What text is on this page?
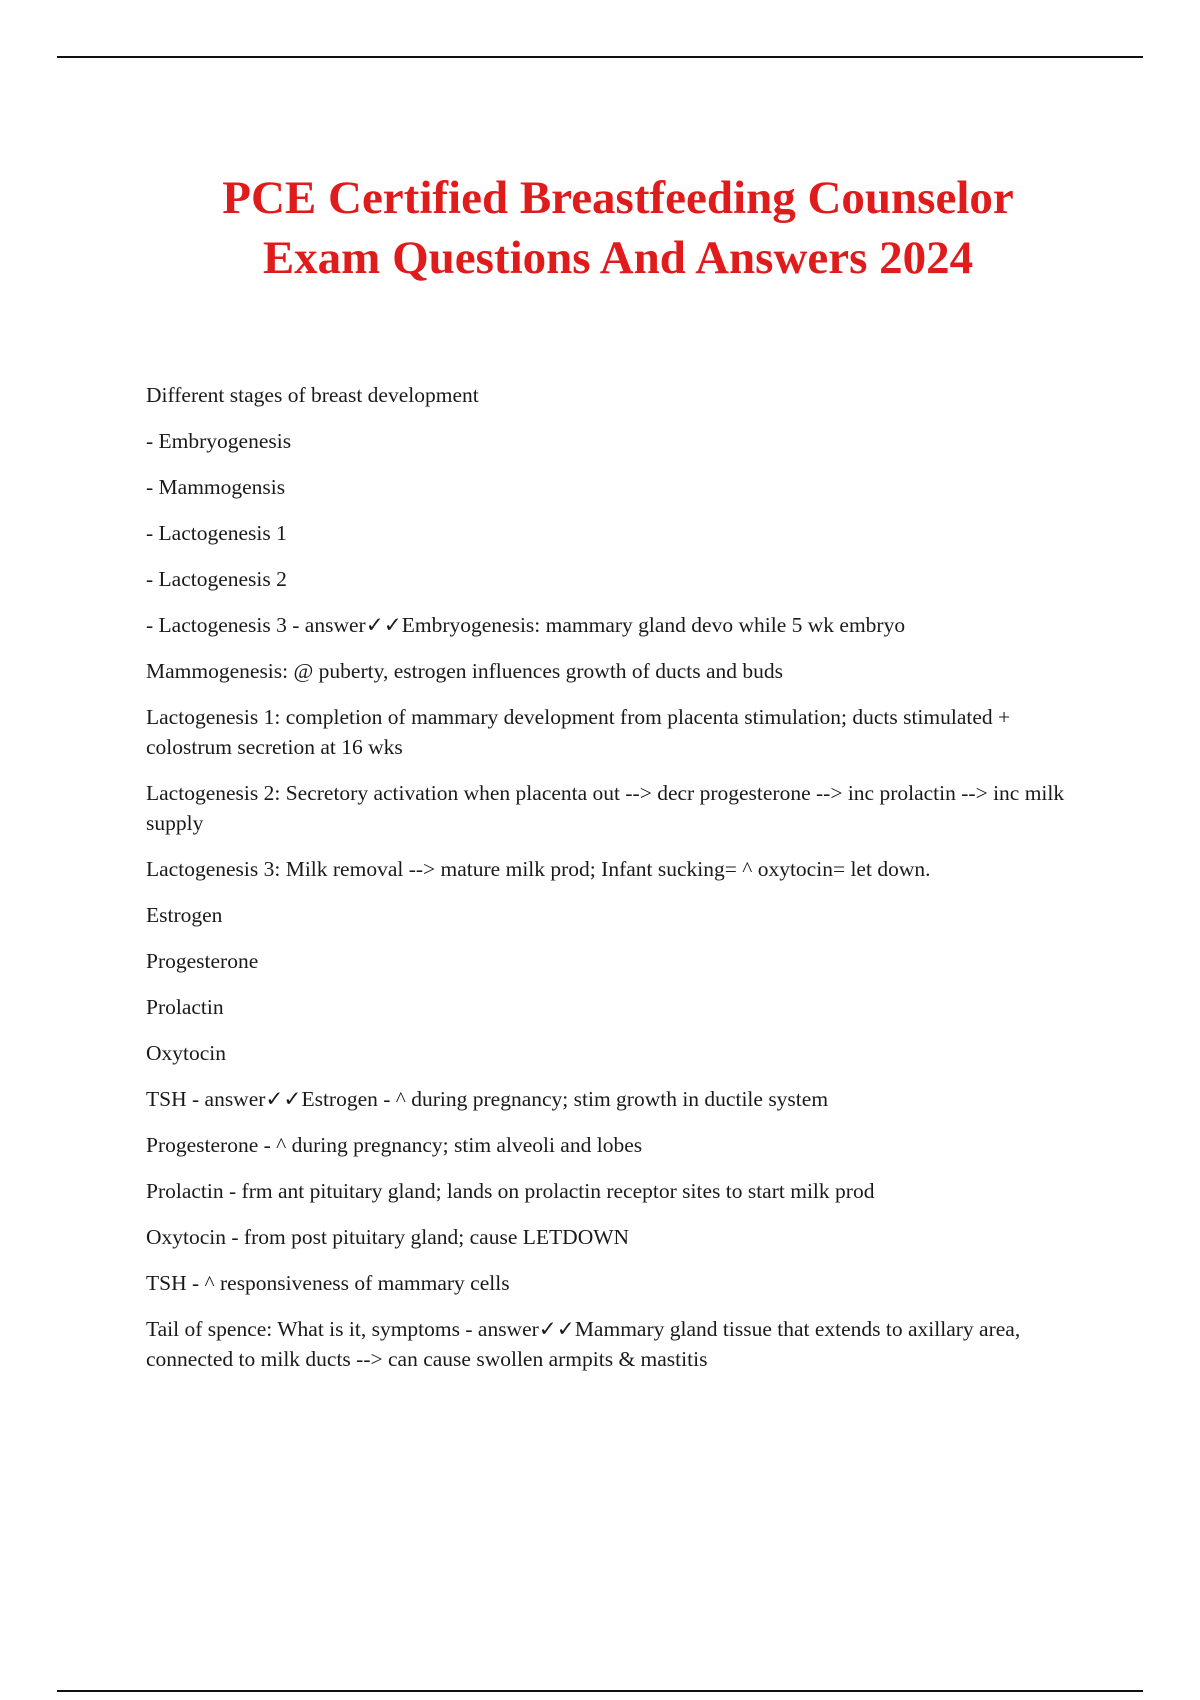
PCE Certified Breastfeeding Counselor
Exam Questions And Answers 2024

Different stages of breast development

- Embryogenesis

- Mammogensis

- Lactogenesis 1

- Lactogenesis 2

- Lactogenesis 3 - answer✓✓Embryogenesis: mammary gland devo while 5 wk embryo

Mammogenesis: @ puberty, estrogen influences growth of ducts and buds

Lactogenesis 1: completion of mammary development from placenta stimulation; ducts stimulated + colostrum secretion at 16 wks

Lactogenesis 2: Secretory activation when placenta out --> decr progesterone --> inc prolactin --> inc milk supply

Lactogenesis 3: Milk removal --> mature milk prod; Infant sucking= ^ oxytocin= let down.

Estrogen

Progesterone

Prolactin

Oxytocin

TSH - answer✓✓Estrogen - ^ during pregnancy; stim growth in ductile system

Progesterone - ^ during pregnancy; stim alveoli and lobes

Prolactin - frm ant pituitary gland; lands on prolactin receptor sites to start milk prod

Oxytocin - from post pituitary gland; cause LETDOWN

TSH - ^ responsiveness of mammary cells

Tail of spence: What is it, symptoms - answer✓✓Mammary gland tissue that extends to axillary area, connected to milk ducts --> can cause swollen armpits & mastitis
